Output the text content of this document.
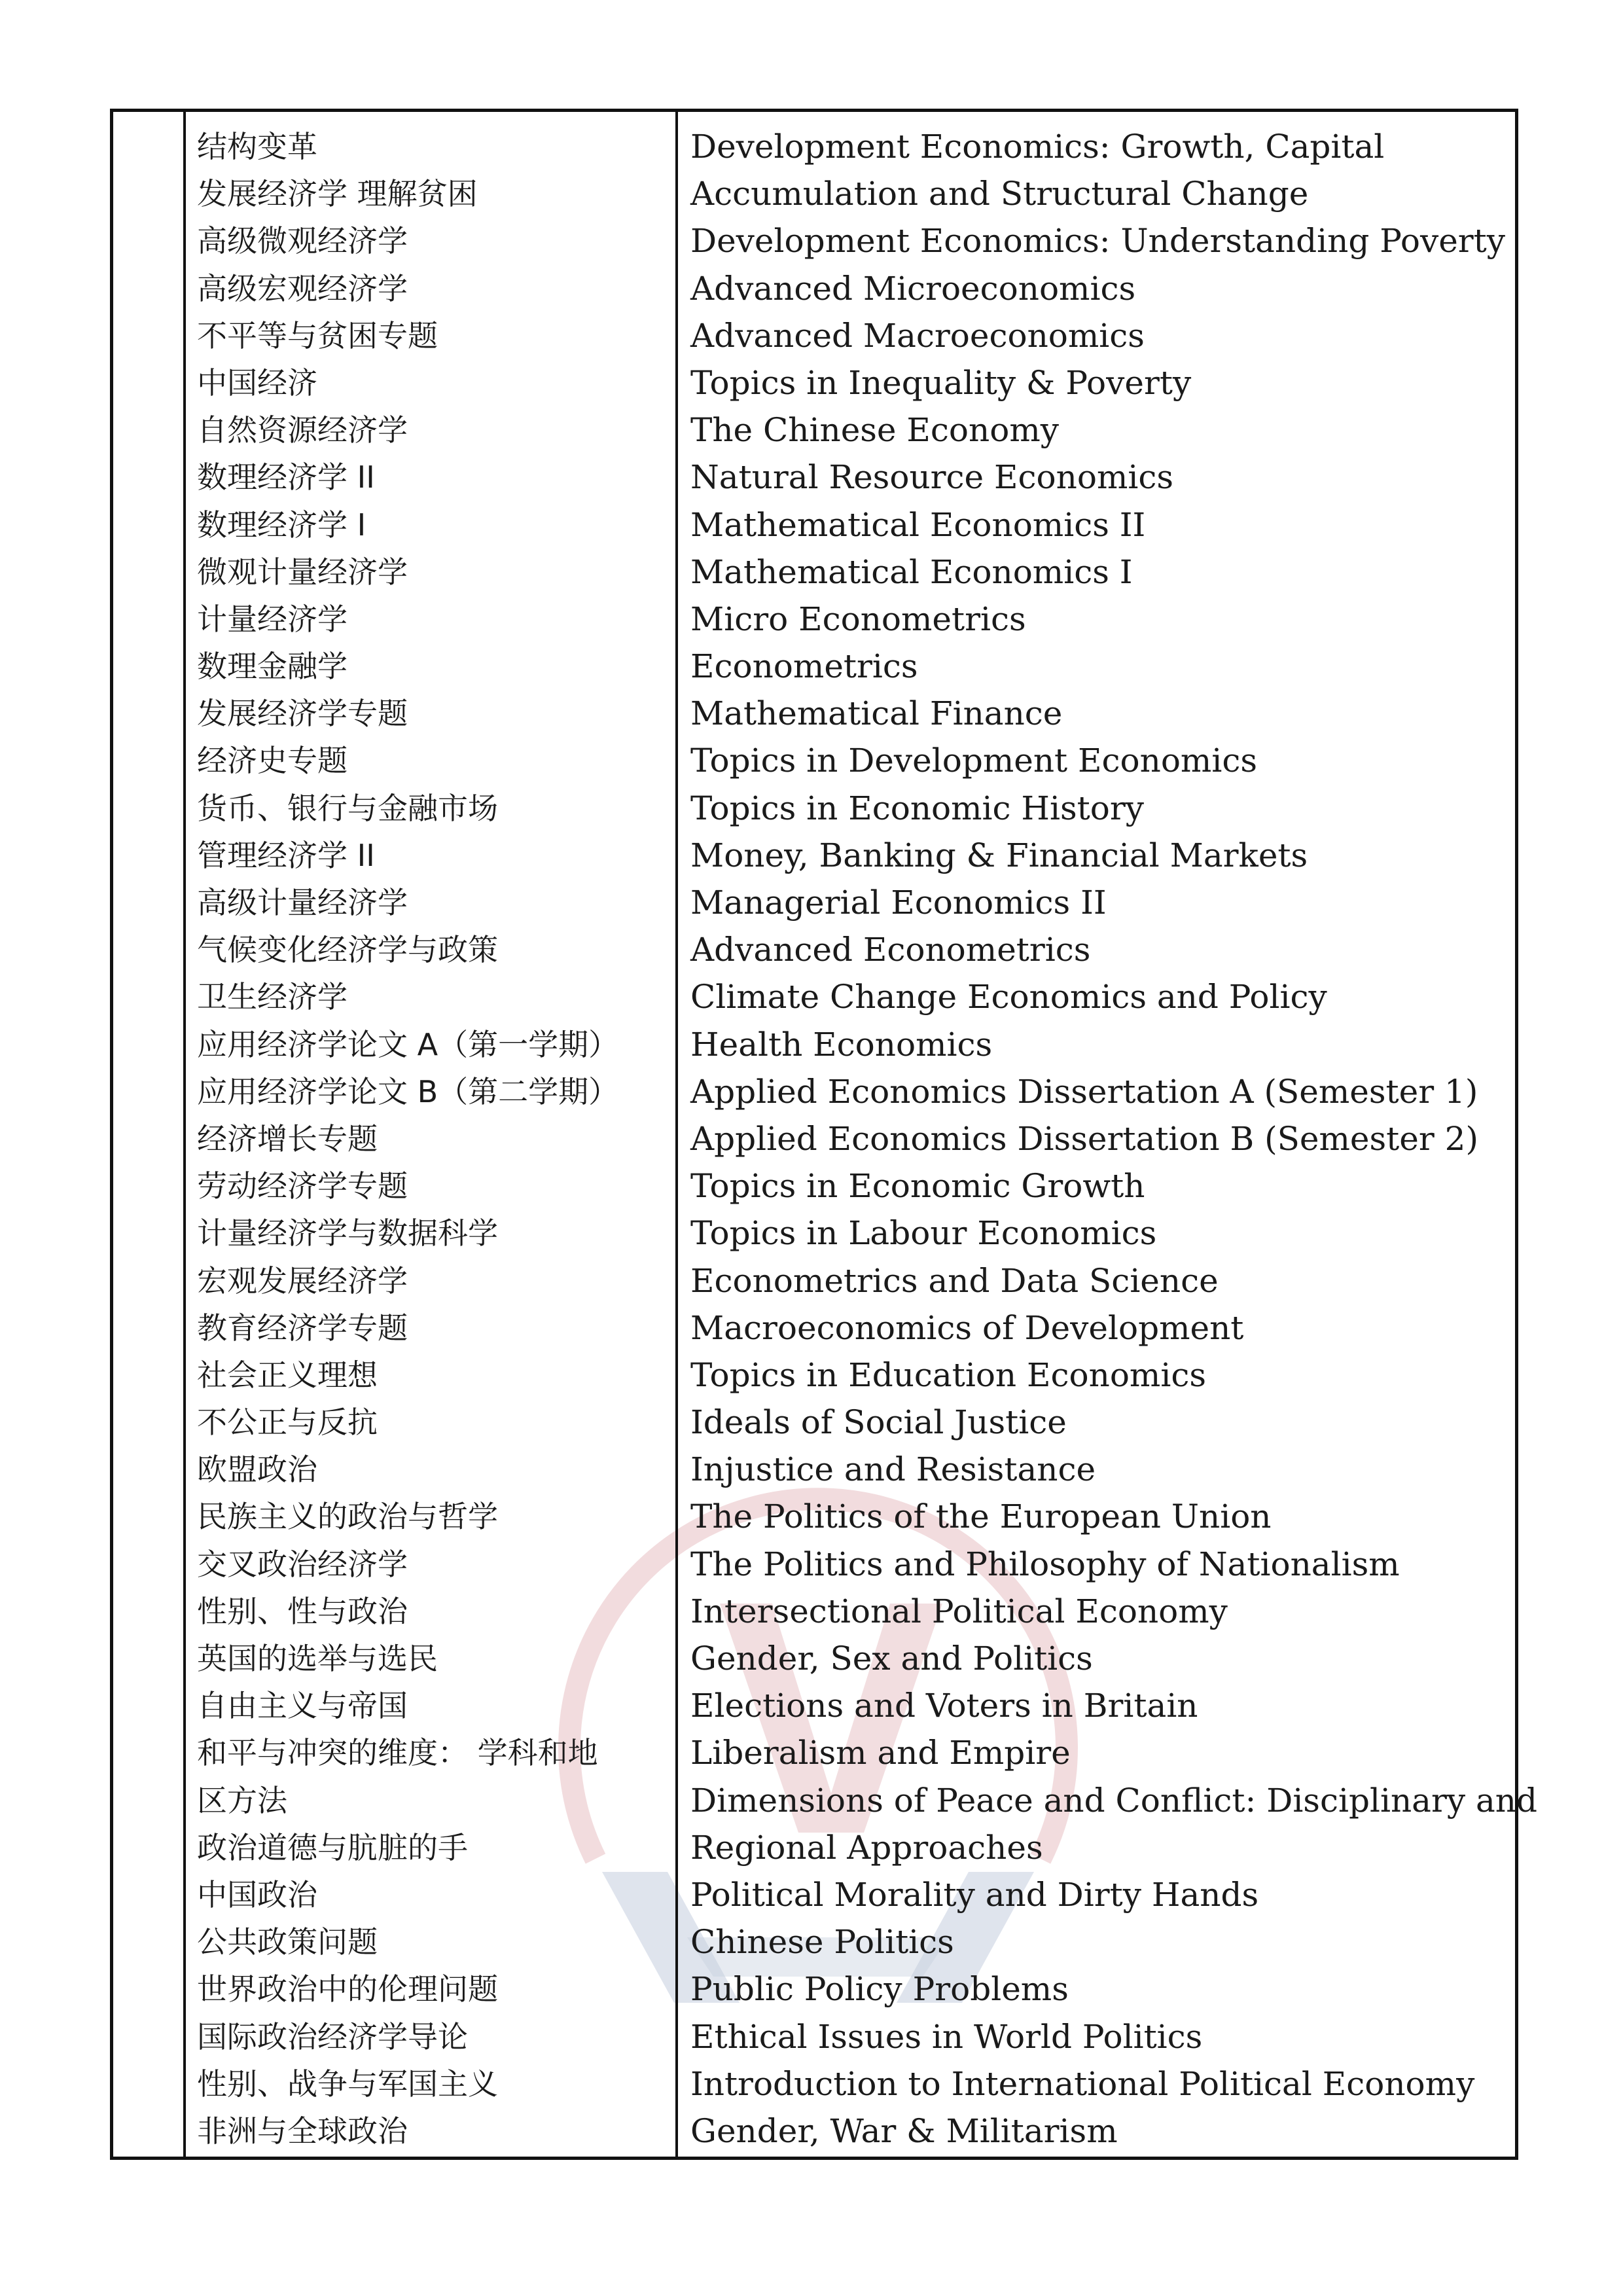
结构变革
发展经济学 理解贫困
高级微观经济学
高级宏观经济学
不平等与贫困专题
中国经济
自然资源经济学
数理经济学 II
数理经济学 I
微观计量经济学
计量经济学
数理金融学
发展经济学专题
经济史专题
货币、银行与金融市场
管理经济学 II
高级计量经济学
气候变化经济学与政策
卫生经济学
应用经济学论文 A（第一学期）
应用经济学论文 B（第二学期）
经济增长专题
劳动经济学专题
计量经济学与数据科学
宏观发展经济学
教育经济学专题
社会正义理想
不公正与反抗
欧盟政治
民族主义的政治与哲学
交叉政治经济学
性别、性与政治
英国的选举与选民
自由主义与帝国
和平与冲突的维度： 学科和地
区方法
政治道德与肮脏的手
中国政治
公共政策问题
世界政治中的伦理问题
国际政治经济学导论
性别、战争与军国主义
非洲与全球政治
Development Economics: Growth, Capital
Accumulation and Structural Change
Development Economics: Understanding Poverty
Advanced Microeconomics
Advanced Macroeconomics
Topics in Inequality & Poverty
The Chinese Economy
Natural Resource Economics
Mathematical Economics II
Mathematical Economics I
Micro Econometrics
Econometrics
Mathematical Finance
Topics in Development Economics
Topics in Economic History
Money, Banking & Financial Markets
Managerial Economics II
Advanced Econometrics
Climate Change Economics and Policy
Health Economics
Applied Economics Dissertation A (Semester 1)
Applied Economics Dissertation B (Semester 2)
Topics in Economic Growth
Topics in Labour Economics
Econometrics and Data Science
Macroeconomics of Development
Topics in Education Economics
Ideals of Social Justice
Injustice and Resistance
The Politics of the European Union
The Politics and Philosophy of Nationalism
Intersectional Political Economy
Gender, Sex and Politics
Elections and Voters in Britain
Liberalism and Empire
Dimensions of Peace and Conflict: Disciplinary and
Regional Approaches
Political Morality and Dirty Hands
Chinese Politics
Public Policy Problems
Ethical Issues in World Politics
Introduction to International Political Economy
Gender, War & Militarism
